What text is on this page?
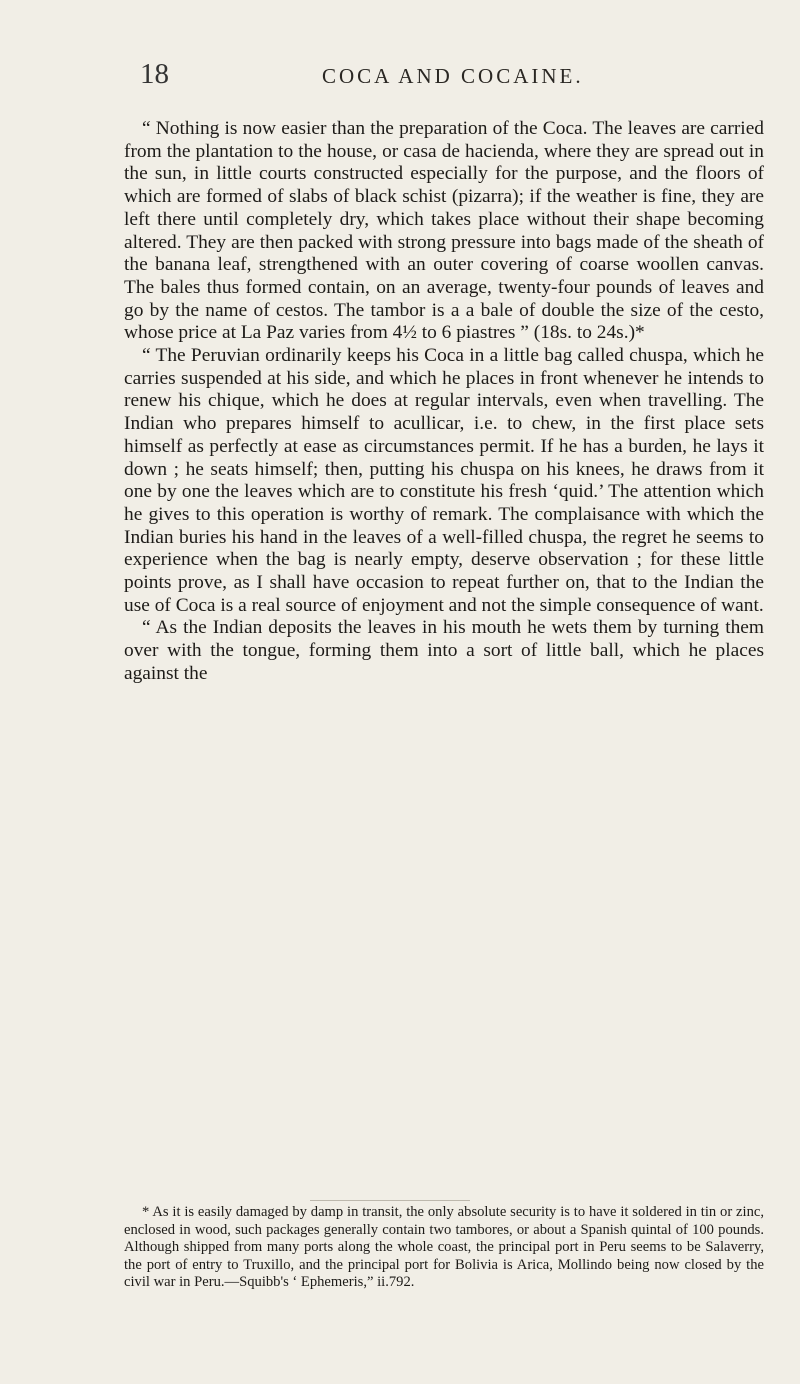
18	COCA AND COCAINE.

“ Nothing is now easier than the preparation of the Coca. The leaves are carried from the plantation to the house, or casa de hacienda, where they are spread out in the sun, in little courts constructed especially for the purpose, and the floors of which are formed of slabs of black schist (pizarra); if the weather is fine, they are left there until completely dry, which takes place without their shape becoming altered. They are then packed with strong pressure into bags made of the sheath of the banana leaf, strengthened with an outer covering of coarse woollen canvas. The bales thus formed contain, on an average, twenty-four pounds of leaves and go by the name of cestos. The tambor is a a bale of double the size of the cesto, whose price at La Paz varies from 4½ to 6 piastres ” (18s. to 24s.)*

“ The Peruvian ordinarily keeps his Coca in a little bag called chuspa, which he carries suspended at his side, and which he places in front whenever he intends to renew his chique, which he does at regular intervals, even when travelling. The Indian who prepares himself to acullicar, i.e. to chew, in the first place sets himself as perfectly at ease as circumstances permit. If he has a burden, he lays it down ; he seats himself; then, putting his chuspa on his knees, he draws from it one by one the leaves which are to constitute his fresh ‘quid.’ The attention which he gives to this operation is worthy of remark. The complaisance with which the Indian buries his hand in the leaves of a well-filled chuspa, the regret he seems to experience when the bag is nearly empty, deserve observation ; for these little points prove, as I shall have occasion to repeat further on, that to the Indian the use of Coca is a real source of enjoyment and not the simple consequence of want.

“ As the Indian deposits the leaves in his mouth he wets them by turning them over with the tongue, forming them into a sort of little ball, which he places against the

* As it is easily damaged by damp in transit, the only absolute security is to have it soldered in tin or zinc, enclosed in wood, such packages generally contain two tambores, or about a Spanish quintal of 100 pounds. Although shipped from many ports along the whole coast, the principal port in Peru seems to be Salaverry, the port of entry to Truxillo, and the principal port for Bolivia is Arica, Mollindo being now closed by the civil war in Peru.—Squibb's ‘ Ephemeris,” ii.792.
